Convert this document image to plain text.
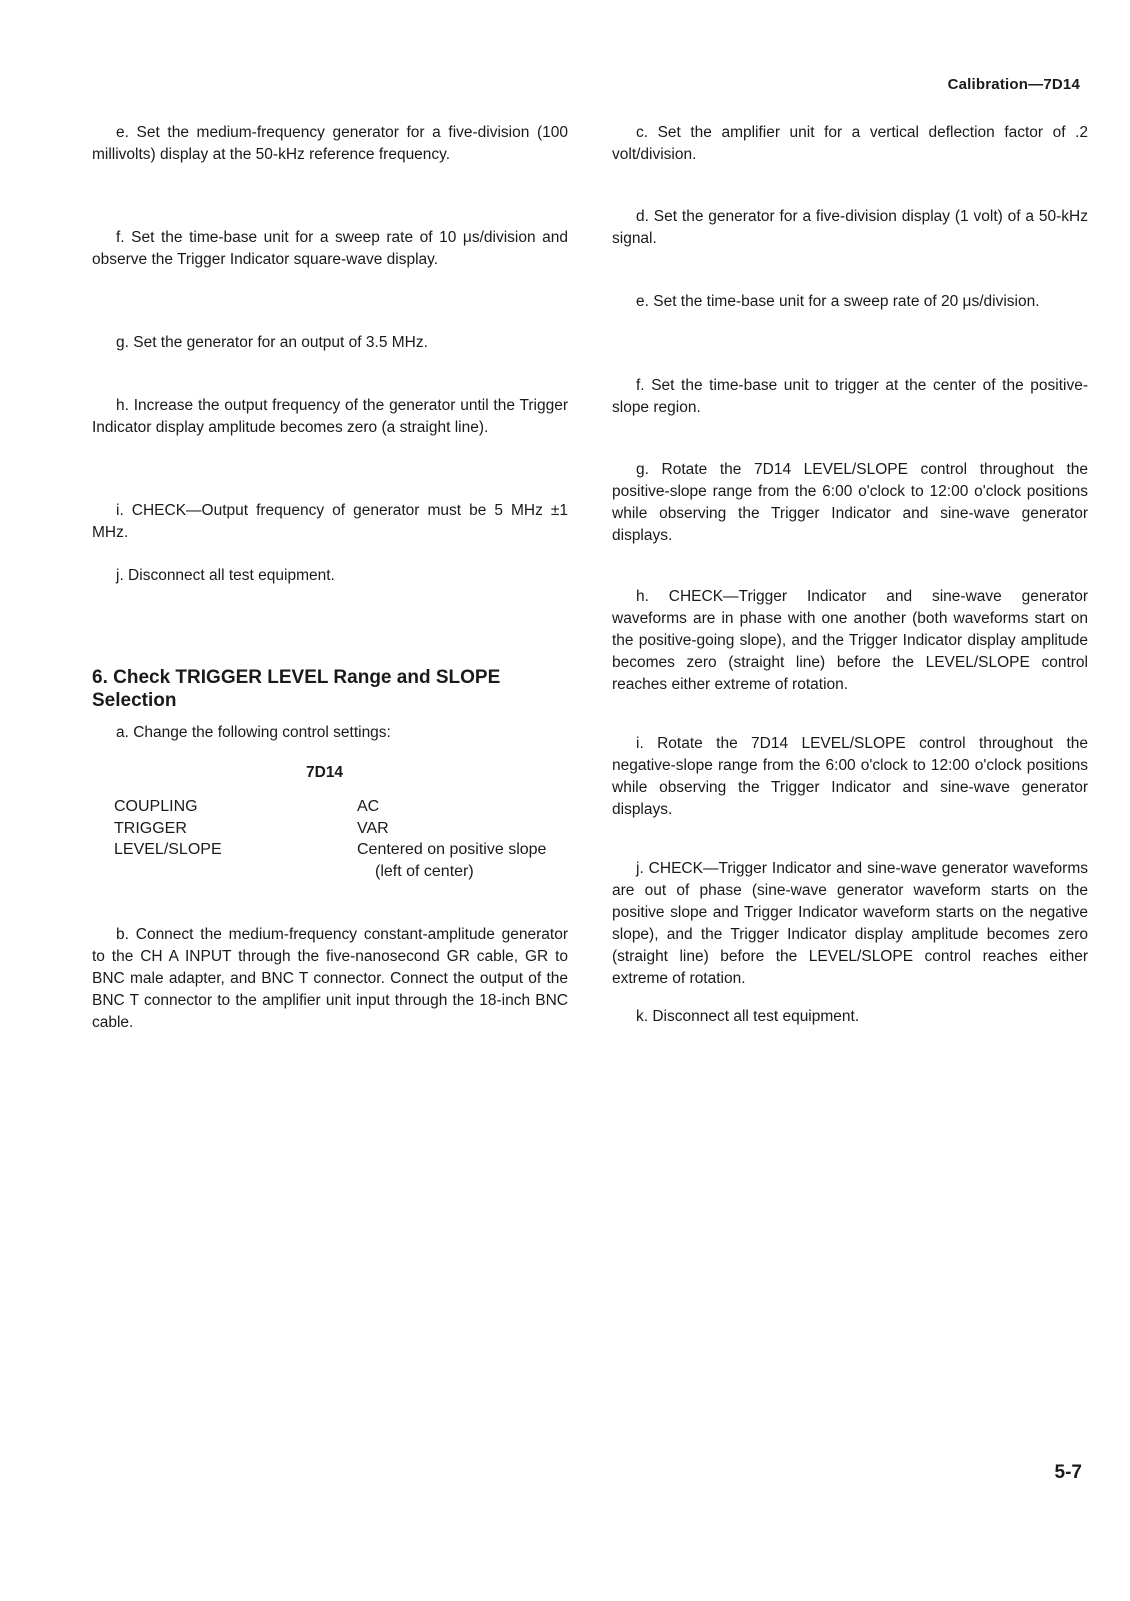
Calibration—7D14

e. Set the medium-frequency generator for a five-division (100 millivolts) display at the 50-kHz reference frequency.

f. Set the time-base unit for a sweep rate of 10 μs/division and observe the Trigger Indicator square-wave display.

g. Set the generator for an output of 3.5 MHz.

h. Increase the output frequency of the generator until the Trigger Indicator display amplitude becomes zero (a straight line).

i. CHECK—Output frequency of generator must be 5 MHz ±1 MHz.

j. Disconnect all test equipment.

6. Check TRIGGER LEVEL Range and SLOPE Selection

a. Change the following control settings:

7D14
COUPLING	AC
TRIGGER	VAR
LEVEL/SLOPE	Centered on positive slope
(left of center)

b. Connect the medium-frequency constant-amplitude generator to the CH A INPUT through the five-nanosecond GR cable, GR to BNC male adapter, and BNC T connector. Connect the output of the BNC T connector to the amplifier unit input through the 18-inch BNC cable.

c. Set the amplifier unit for a vertical deflection factor of .2 volt/division.

d. Set the generator for a five-division display (1 volt) of a 50-kHz signal.

e. Set the time-base unit for a sweep rate of 20 μs/division.

f. Set the time-base unit to trigger at the center of the positive-slope region.

g. Rotate the 7D14 LEVEL/SLOPE control throughout the positive-slope range from the 6:00 o'clock to 12:00 o'clock positions while observing the Trigger Indicator and sine-wave generator displays.

h. CHECK—Trigger Indicator and sine-wave generator waveforms are in phase with one another (both waveforms start on the positive-going slope), and the Trigger Indicator display amplitude becomes zero (straight line) before the LEVEL/SLOPE control reaches either extreme of rotation.

i. Rotate the 7D14 LEVEL/SLOPE control throughout the negative-slope range from the 6:00 o'clock to 12:00 o'clock positions while observing the Trigger Indicator and sine-wave generator displays.

j. CHECK—Trigger Indicator and sine-wave generator waveforms are out of phase (sine-wave generator waveform starts on the positive slope and Trigger Indicator waveform starts on the negative slope), and the Trigger Indicator display amplitude becomes zero (straight line) before the LEVEL/SLOPE control reaches either extreme of rotation.

k. Disconnect all test equipment.

5-7
